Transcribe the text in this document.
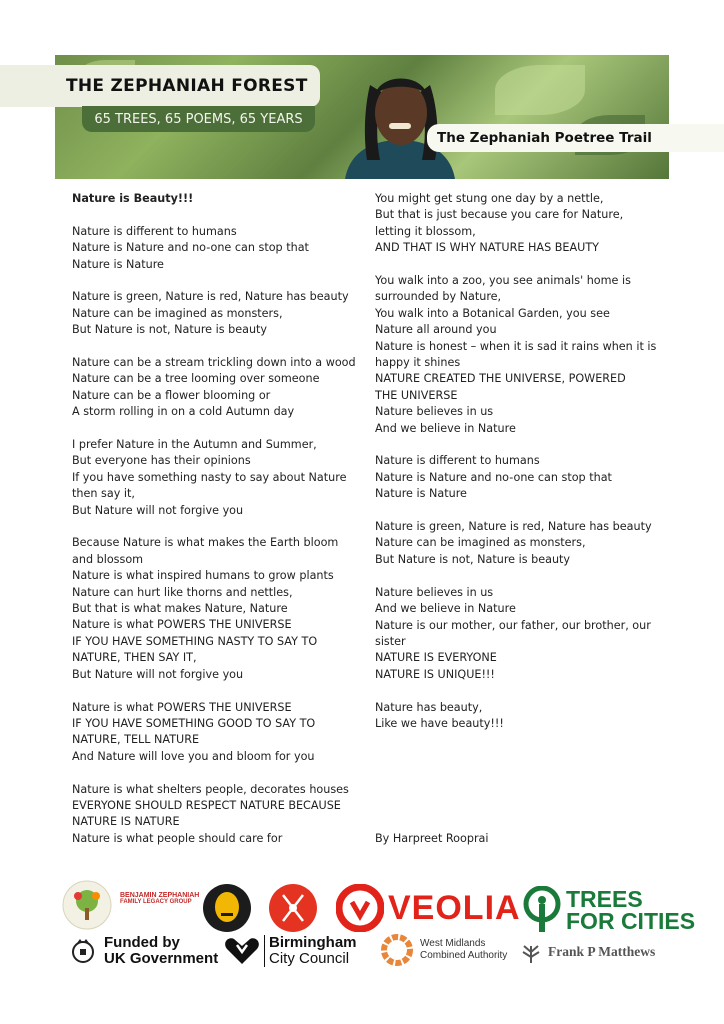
THE ZEPHANIAH FOREST
65 TREES, 65 POEMS, 65 YEARS
The Zephaniah Poetree Trail
Nature is Beauty!!!
Nature is different to humans
Nature is Nature and no-one can stop that
Nature is Nature
Nature is green, Nature is red, Nature has beauty
Nature can be imagined as monsters,
But Nature is not, Nature is beauty
Nature can be a stream trickling down into a wood
Nature can be a tree looming over someone
Nature can be a flower blooming or
A storm rolling in on a cold Autumn day
I prefer Nature in the Autumn and Summer,
But everyone has their opinions
If you have something nasty to say about Nature
then say it,
But Nature will not forgive you
Because Nature is what makes the Earth bloom
and blossom
Nature is what inspired humans to grow plants
Nature can hurt like thorns and nettles,
But that is what makes Nature, Nature
Nature is what POWERS THE UNIVERSE
IF YOU HAVE SOMETHING NASTY TO SAY TO
NATURE, THEN SAY IT,
But Nature will not forgive you
Nature is what POWERS THE UNIVERSE
IF YOU HAVE SOMETHING GOOD TO SAY TO
NATURE, TELL NATURE
And Nature will love you and bloom for you
Nature is what shelters people, decorates houses
EVERYONE SHOULD RESPECT NATURE BECAUSE
NATURE IS NATURE
Nature is what people should care for
You might get stung one day by a nettle,
But that is just because you care for Nature,
letting it blossom,
AND THAT IS WHY NATURE HAS BEAUTY
You walk into a zoo, you see animals' home is
surrounded by Nature,
You walk into a Botanical Garden, you see
Nature all around you
Nature is honest – when it is sad it rains when it is
happy it shines
NATURE CREATED THE UNIVERSE, POWERED
THE UNIVERSE
Nature believes in us
And we believe in Nature
Nature is different to humans
Nature is Nature and no-one can stop that
Nature is Nature
Nature is green, Nature is red, Nature has beauty
Nature can be imagined as monsters,
But Nature is not, Nature is beauty
Nature believes in us
And we believe in Nature
Nature is our mother, our father, our brother, our
sister
NATURE IS EVERYONE
NATURE IS UNIQUE!!!
Nature has beauty,
Like we have beauty!!!
By Harpreet Rooprai
BENJAMIN ZEPHANIAH
FAMILY LEGACY GROUP	VEOLIA TREES
FOR CITIES
Funded by
UK Government
Birmingham
City Council
West Midlands
Combined Authority	Frank P Matthews
